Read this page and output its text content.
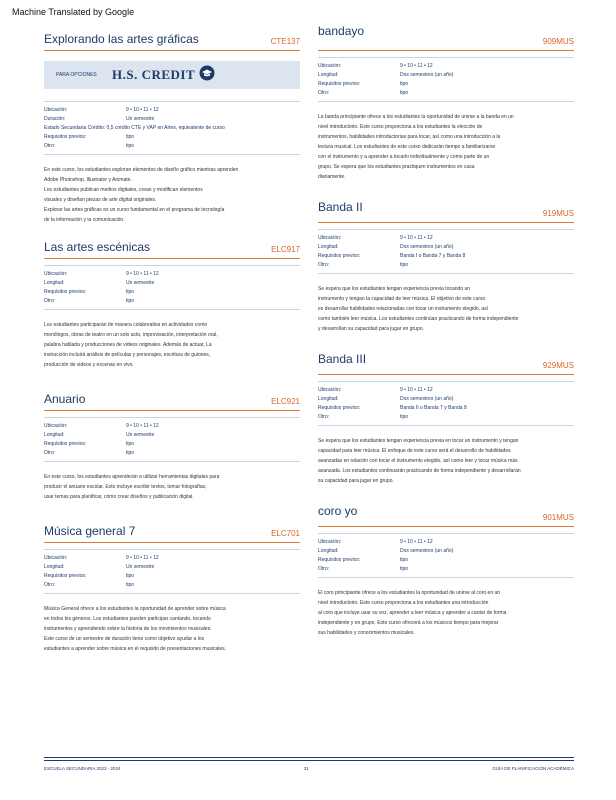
Machine Translated by Google
Explorando las artes gráficas	CTE137
PARA OPCIONES	H.S. CREDIT
Ubicación:	9 • 10 • 11 • 12
Duración:	Un semestre
Estado Secundaria Crédito: 0,5 crédito CTE y VAP en Artes, equivalente de curso
Requisitos previos:	tipo
Otro:	tipo

En este curso, los estudiantes exploran elementos de diseño gráfico mientras aprenden

Adobe Photoshop, Illustrator y Animate.

Los estudiantes publican medios digitales, crean y modifican elementos

visuales y diseñan piezas de arte digital originales.

Explorar las artes gráficas es un curso fundamental en el programa de tecnología

de la información y la comunicación.

Las artes escénicas	ELC917
Ubicación:	9 • 10 • 11 • 12
Longitud:	Un semestre
Requisitos previos:	tipo
Otro:	tipo

Los estudiantes participarán de manera colaborativa en actividades como

monólogos, obras de teatro en un solo acto, improvisación, interpretación oral,

palabra hablada y producciones de videos originales. Además de actuar, La

instrucción incluirá análisis de películas y personajes, escritura de guiones,

producción de videos y escenas en vivo.

Anuario	ELC921
Ubicación:	9 • 10 • 11 • 12
Longitud:	Un semestre
Requisitos previos:	tipo
Otro:	tipo

En este curso, los estudiantes aprenderán a utilizar herramientas digitales para

producir el anuario escolar. Esto incluye escribir textos, tomar fotografías,

usar temas para planificar, cómo crear diseños y publicación digital.

Música general 7	ELC701
Ubicación:	9 • 10 • 11 • 12
Longitud:	Un semestre
Requisitos previos:	tipo
Otro:	tipo

Música General ofrece a los estudiantes la oportunidad de aprender sobre música

en todos los géneros. Los estudiantes pueden participar cantando, tocando

instrumentos y aprendiendo sobre la historia de los movimientos musicales.

Este curso de un semestre de duración tiene como objetivo ayudar a los

estudiantes a aprender sobre música en el requisito de presentaciones musicales.

bandayo
909MUS
Ubicación:	9 • 10 • 11 • 12
Longitud:	Dos semestres (un año)
Requisitos previos:	tipo
Otro:	tipo

La banda principiante ofrece a los estudiantes la oportunidad de unirse a la banda en un

nivel introductorio. Este curso proporciona a los estudiantes la elección de

instrumentos, habilidades introductorias para tocar, así como una introducción a la

lectura musical. Los estudiantes de este curso dedicarán tiempo a familiarizarse

con el instrumento y a aprender a tocarlo individualmente y como parte de un

grupo. Se espera que los estudiantes practiquen instrumentos en casa

diariamente.

Banda II	919MUS
Ubicación:	9 • 10 • 11 • 12
Longitud:	Dos semestres (un año)
Requisitos previos:	Banda I o Banda 7 y Banda 8
Otro:	tipo

Se espera que los estudiantes tengan experiencia previa tocando un

instrumento y tengan la capacidad de leer música. El objetivo de este curso

es desarrollar habilidades relacionadas con tocar un instrumento elegido, así

como también leer música. Los estudiantes continúan practicando de forma independiente

y desarrollan su capacidad para jugar en grupo.

Banda III	929MUS
Ubicación:	9 • 10 • 11 • 12
Longitud:	Dos semestres (un año)
Requisitos previos:	Banda II o Banda 7 y Banda 8
Otro:	tipo

Se espera que los estudiantes tengan experiencia previa en tocar un instrumento y tengan

capacidad para leer música. El enfoque de este curso será el desarrollo de habilidades

avanzadas en relación con tocar el instrumento elegido, así como leer y tocar música más

avanzada. Los estudiantes continuarán practicando de forma independiente y desarrollarán

su capacidad para jugar en grupo.

coro yo	901MUS
Ubicación:	9 • 10 • 11 • 12
Longitud:	Dos semestres (un año)
Requisitos previos:	tipo
Otro:	tipo

El coro principiante ofrece a los estudiantes la oportunidad de unirse al coro en un

nivel introductorio. Este curso proporciona a los estudiantes una introducción

al coro que incluye usar su voz, aprender a leer música y aprender a cantar de forma

independiente y en grupo. Este curso ofrecerá a los músicos tiempo para mejorar

sus habilidades y conocimientos musicales.

ESCUELA SECUNDARIA 2023 - 2024	31	GUÍA DE PLANIFICACIÓN ACADÉMICA
